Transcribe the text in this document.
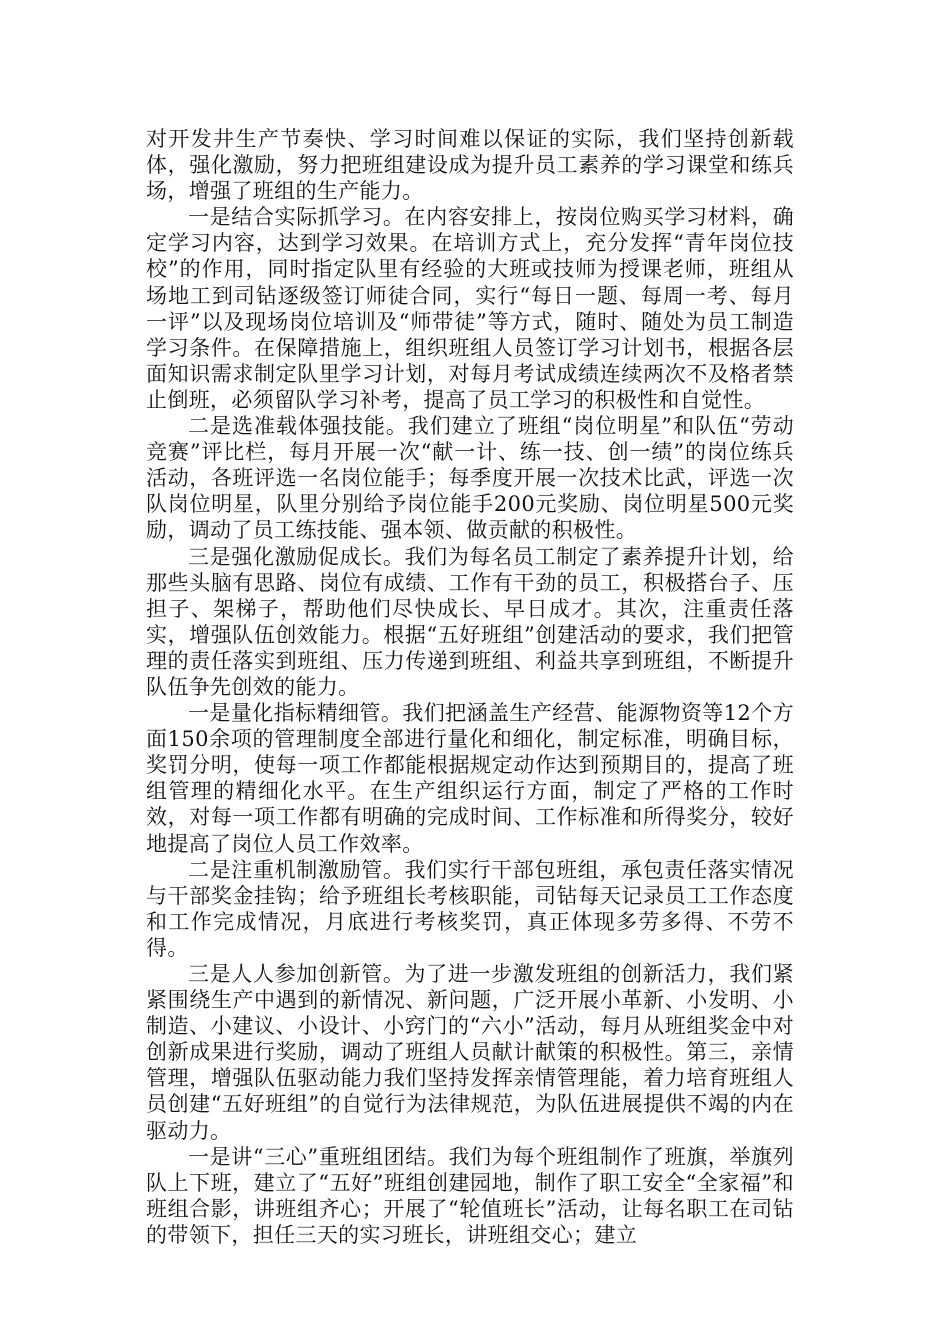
对开发井生产节奏快、学习时间难以保证的实际，我们坚持创新载体，强化激励，努力把班组建设成为提升员工素养的学习课堂和练兵场，增强了班组的生产能力。

一是结合实际抓学习。在内容安排上，按岗位购买学习材料，确定学习内容，达到学习效果。在培训方式上，充分发挥“青年岗位技校”的作用，同时指定队里有经验的大班或技师为授课老师，班组从场地工到司钻逐级签订师徒合同，实行“每日一题、每周一考、每月一评”以及现场岗位培训及“师带徒”等方式，随时、随处为员工制造学习条件。在保障措施上，组织班组人员签订学习计划书，根据各层面知识需求制定队里学习计划，对每月考试成绩连续两次不及格者禁止倒班，必须留队学习补考，提高了员工学习的积极性和自觉性。

二是选准载体强技能。我们建立了班组“岗位明星”和队伍“劳动竞赛”评比栏，每月开展一次“献一计、练一技、创一绩”的岗位练兵活动，各班评选一名岗位能手；每季度开展一次技术比武，评选一次队岗位明星，队里分别给予岗位能手200元奖励、岗位明星500元奖励，调动了员工练技能、强本领、做贡献的积极性。

三是强化激励促成长。我们为每名员工制定了素养提升计划，给那些头脑有思路、岗位有成绩、工作有干劲的员工，积极搭台子、压担子、架梯子，帮助他们尽快成长、早日成才。其次，注重责任落实，增强队伍创效能力。根据“五好班组”创建活动的要求，我们把管理的责任落实到班组、压力传递到班组、利益共享到班组，不断提升队伍争先创效的能力。

一是量化指标精细管。我们把涵盖生产经营、能源物资等12个方面150余项的管理制度全部进行量化和细化，制定标准，明确目标，奖罚分明，使每一项工作都能根据规定动作达到预期目的，提高了班组管理的精细化水平。在生产组织运行方面，制定了严格的工作时效，对每一项工作都有明确的完成时间、工作标准和所得奖分，较好地提高了岗位人员工作效率。

二是注重机制激励管。我们实行干部包班组，承包责任落实情况与干部奖金挂钩；给予班组长考核职能，司钻每天记录员工工作态度和工作完成情况，月底进行考核奖罚，真正体现多劳多得、不劳不得。

三是人人参加创新管。为了进一步激发班组的创新活力，我们紧紧围绕生产中遇到的新情况、新问题，广泛开展小革新、小发明、小制造、小建议、小设计、小窍门的“六小”活动，每月从班组奖金中对创新成果进行奖励，调动了班组人员献计献策的积极性。第三，亲情管理，增强队伍驱动能力我们坚持发挥亲情管理能，着力培育班组人员创建“五好班组”的自觉行为法律规范，为队伍进展提供不竭的内在驱动力。

一是讲“三心”重班组团结。我们为每个班组制作了班旗，举旗列队上下班，建立了“五好”班组创建园地，制作了职工安全“全家福”和班组合影，讲班组齐心；开展了“轮值班长”活动，让每名职工在司钻的带领下，担任三天的实习班长，讲班组交心；建立
